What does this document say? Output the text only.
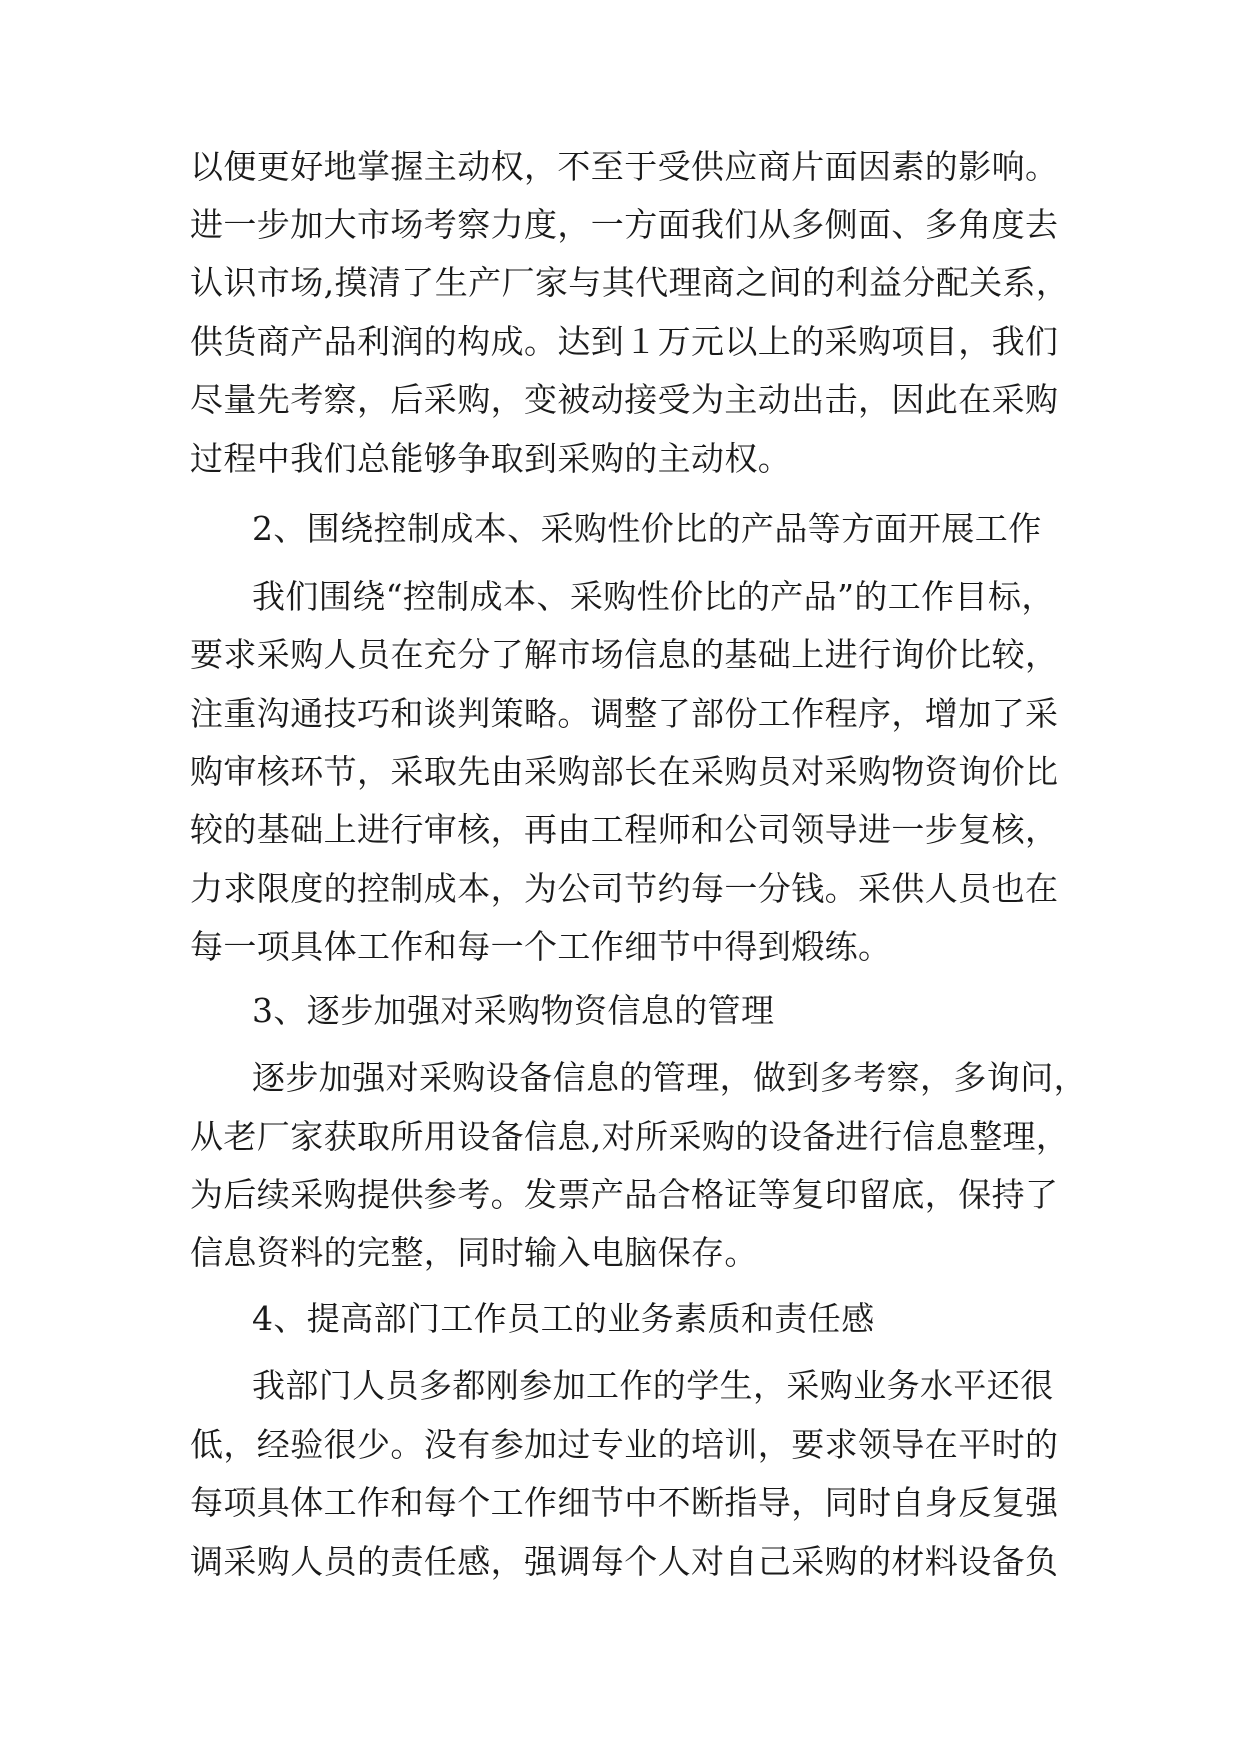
以便更好地掌握主动权，不至于受供应商片面因素的影响。
进一步加大市场考察力度，一方面我们从多侧面、多角度去
认识市场,摸清了生产厂家与其代理商之间的利益分配关系，
供货商产品利润的构成。达到１万元以上的采购项目，我们
尽量先考察，后采购，变被动接受为主动出击，因此在采购
过程中我们总能够争取到采购的主动权。
2、围绕控制成本、采购性价比的产品等方面开展工作
我们围绕“控制成本、采购性价比的产品”的工作目标，
要求采购人员在充分了解市场信息的基础上进行询价比较，
注重沟通技巧和谈判策略。调整了部份工作程序，增加了采
购审核环节，采取先由采购部长在采购员对采购物资询价比
较的基础上进行审核，再由工程师和公司领导进一步复核，
力求限度的控制成本，为公司节约每一分钱。采供人员也在
每一项具体工作和每一个工作细节中得到煅练。
3、逐步加强对采购物资信息的管理
逐步加强对采购设备信息的管理，做到多考察，多询问，
从老厂家获取所用设备信息,对所采购的设备进行信息整理，
为后续采购提供参考。发票产品合格证等复印留底，保持了
信息资料的完整，同时输入电脑保存。
4、提高部门工作员工的业务素质和责任感
我部门人员多都刚参加工作的学生，采购业务水平还很
低，经验很少。没有参加过专业的培训，要求领导在平时的
每项具体工作和每个工作细节中不断指导，同时自身反复强
调采购人员的责任感，强调每个人对自己采购的材料设备负
